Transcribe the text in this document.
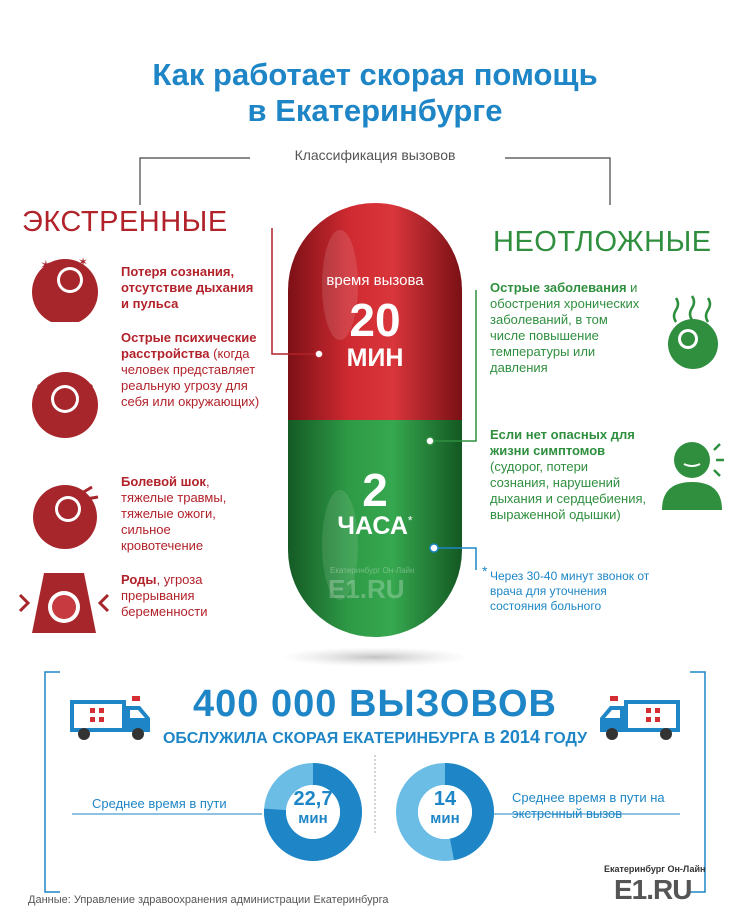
Как работает скорая помощь
в Екатеринбурге
Классификация вызовов
ЭКСТРЕННЫЕ
НЕОТЛОЖНЫЕ
время вызова
20
МИН
2
ЧАСА*
Екатеринбург Он-Лайн
E1.RU
✶ ✶
Потеря сознания, отсутствие дыхания и пульса
Острые психические расстройства (когда человек представляет реальную угрозу для себя или окружающих)
Болевой шок, тяжелые травмы, тяжелые ожоги, сильное кровотечение
Роды, угроза прерывания беременности
Острые заболевания и обострения хронических заболеваний, в том числе повышение температуры или давления
Если нет опасных для жизни симптомов (судорог, потери сознания, нарушений дыхания и сердцебиения, выраженной одышки)
* Через 30-40 минут звонок от врача для уточнения состояния больного
400 000 ВЫЗОВОВ
ОБСЛУЖИЛА СКОРАЯ ЕКАТЕРИНБУРГА В 2014 ГОДУ
Среднее время в пути	22,7
мин
Среднее время в пути на экстренный вызов
14
мин
Данные: Управление здравоохранения администрации Екатеринбурга
Екатеринбург Он-Лайн
E1.RU
